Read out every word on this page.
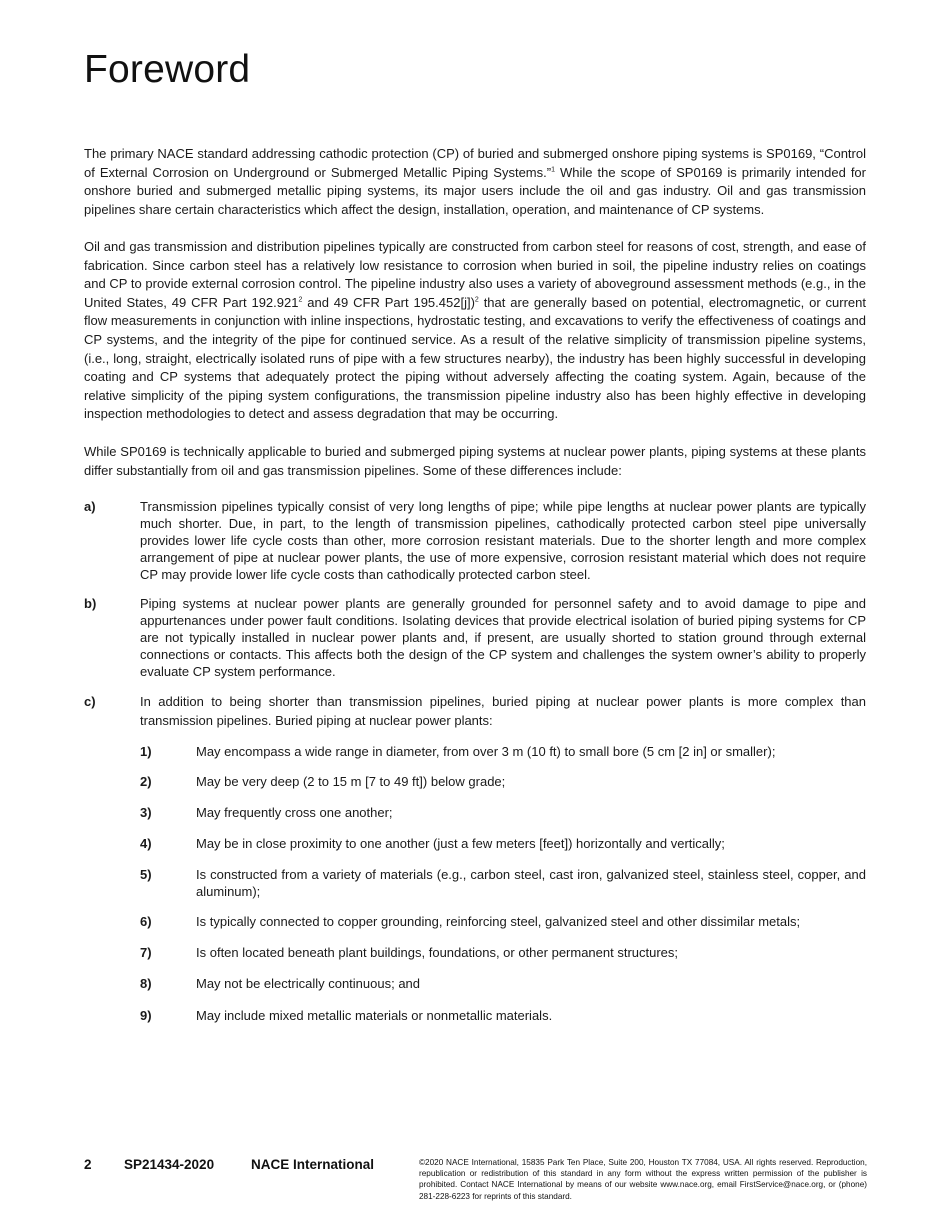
Foreword

The primary NACE standard addressing cathodic protection (CP) of buried and submerged onshore piping systems is SP0169, “Control of External Corrosion on Underground or Submerged Metallic Piping Systems.”$^1$ While the scope of SP0169 is primarily intended for onshore buried and submerged metallic piping systems, its major users include the oil and gas industry. Oil and gas transmission pipelines share certain characteristics which affect the design, installation, operation, and maintenance of CP systems.

Oil and gas transmission and distribution pipelines typically are constructed from carbon steel for reasons of cost, strength, and ease of fabrication. Since carbon steel has a relatively low resistance to corrosion when buried in soil, the pipeline industry relies on coatings and CP to provide external corrosion control. The pipeline industry also uses a variety of aboveground assessment methods (e.g., in the United States, 49 CFR Part 192.921$^2$ and 49 CFR Part 195.452[j])$^2$ that are generally based on potential, electromagnetic, or current flow measurements in conjunction with inline inspections, hydrostatic testing, and excavations to verify the effectiveness of coatings and CP systems, and the integrity of the pipe for continued service. As a result of the relative simplicity of transmission pipeline systems, (i.e., long, straight, electrically isolated runs of pipe with a few structures nearby), the industry has been highly successful in developing coating and CP systems that adequately protect the piping without adversely affecting the coating system. Again, because of the relative simplicity of the piping system configurations, the transmission pipeline industry also has been highly effective in developing inspection methodologies to detect and assess degradation that may be occurring.

While SP0169 is technically applicable to buried and submerged piping systems at nuclear power plants, piping systems at these plants differ substantially from oil and gas transmission pipelines. Some of these differences include:

a)	Transmission pipelines typically consist of very long lengths of pipe; while pipe lengths at nuclear power plants are typically much shorter. Due, in part, to the length of transmission pipelines, cathodically protected carbon steel pipe universally provides lower life cycle costs than other, more corrosion resistant materials. Due to the shorter length and more complex arrangement of pipe at nuclear power plants, the use of more expensive, corrosion resistant material which does not require CP may provide lower life cycle costs than cathodically protected carbon steel.
b)	Piping systems at nuclear power plants are generally grounded for personnel safety and to avoid damage to pipe and appurtenances under power fault conditions. Isolating devices that provide electrical isolation of buried piping systems for CP are not typically installed in nuclear power plants and, if present, are usually shorted to station ground through external connections or contacts. This affects both the design of the CP system and challenges the system owner’s ability to properly evaluate CP system performance.
c)	In addition to being shorter than transmission pipelines, buried piping at nuclear power plants is more complex than transmission pipelines. Buried piping at nuclear power plants:
1)	May encompass a wide range in diameter, from over 3 m (10 ft) to small bore (5 cm [2 in] or smaller);
2)	May be very deep (2 to 15 m [7 to 49 ft]) below grade;
3)	May frequently cross one another;
4)	May be in close proximity to one another (just a few meters [feet]) horizontally and vertically;
5)	Is constructed from a variety of materials (e.g., carbon steel, cast iron, galvanized steel, stainless steel, copper, and aluminum);
6)	Is typically connected to copper grounding, reinforcing steel, galvanized steel and other dissimilar metals;
7)	Is often located beneath plant buildings, foundations, or other permanent structures;
8)	May not be electrically continuous; and
9)	May include mixed metallic materials or nonmetallic materials.
2 SP21434-2020	NACE International	©2020 NACE International, 15835 Park Ten Place, Suite 200, Houston TX 77084, USA. All rights reserved. Reproduction, republication or redistribution of this standard in any form without the express written permission of the publisher is prohibited. Contact NACE International by means of our website www.nace.org, email FirstService@nace.org, or (phone) 281-228-6223 for reprints of this standard.
